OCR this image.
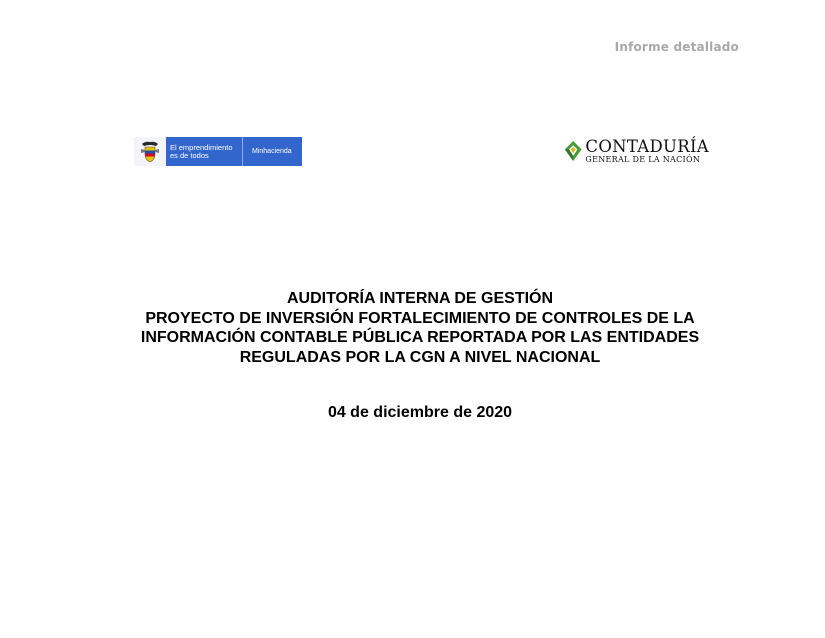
Informe detallado
El emprendimiento
es de todos	Minhacienda	CONTADURÍA
GENERAL DE LA NACIÓN
AUDITORÍA INTERNA DE GESTIÓN
PROYECTO DE INVERSIÓN FORTALECIMIENTO DE CONTROLES DE LA
INFORMACIÓN CONTABLE PÚBLICA REPORTADA POR LAS ENTIDADES
REGULADAS POR LA CGN A NIVEL NACIONAL
04 de diciembre de 2020
